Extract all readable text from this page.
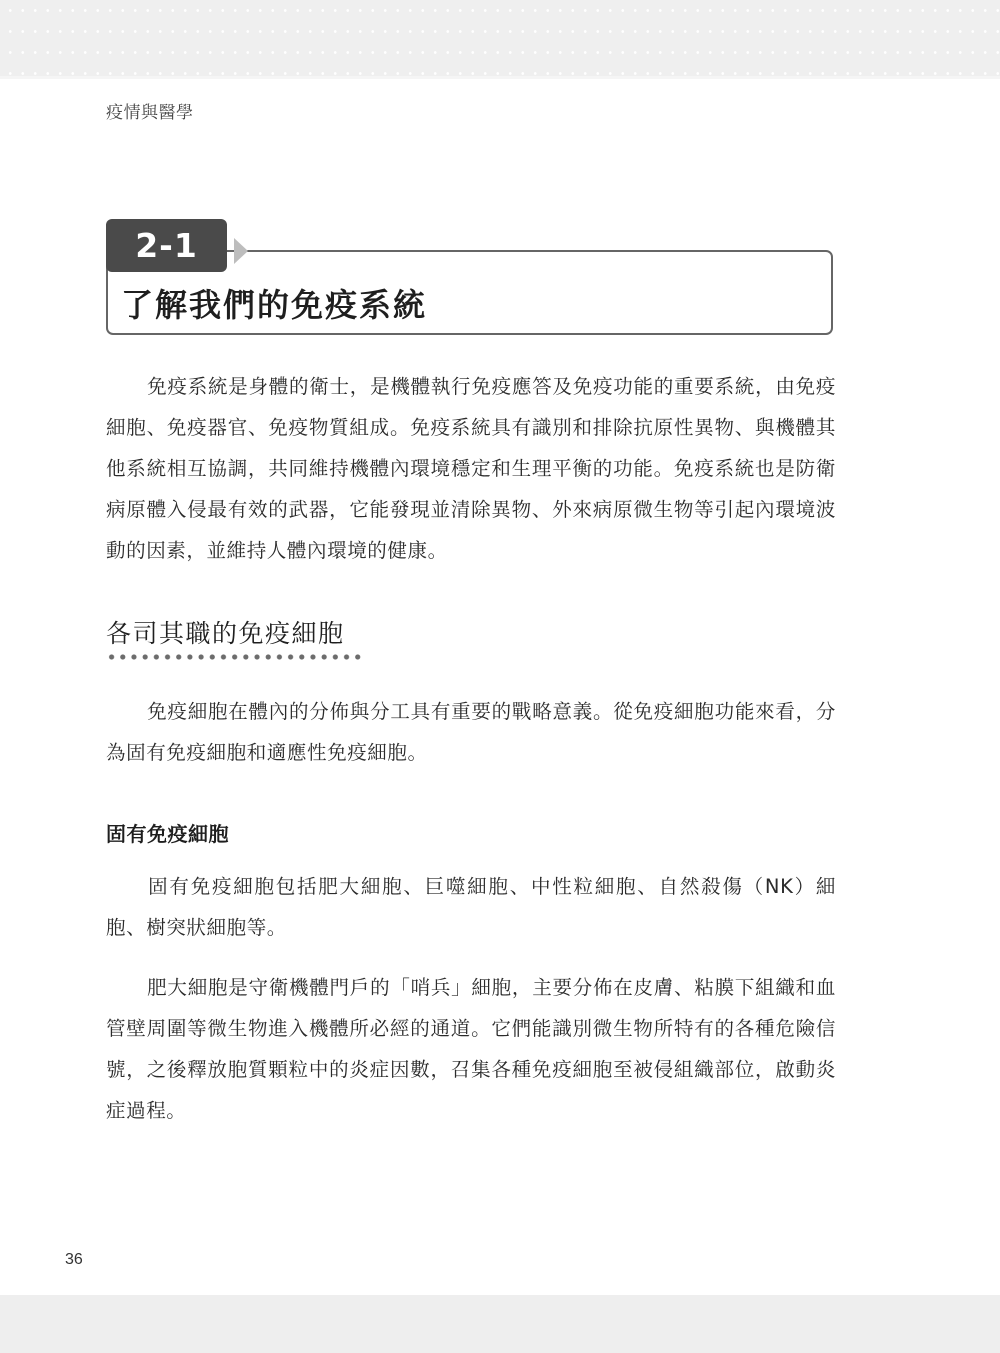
疫情與醫學
2-1
了解我們的免疫系統
免疫系統是身體的衛士，是機體執行免疫應答及免疫功能的重要系統，由免疫細胞、免疫器官、免疫物質組成。免疫系統具有識別和排除抗原性異物、與機體其他系統相互協調，共同維持機體內環境穩定和生理平衡的功能。免疫系統也是防衛病原體入侵最有效的武器，它能發現並清除異物、外來病原微生物等引起內環境波動的因素，並維持人體內環境的健康。
各司其職的免疫細胞
免疫細胞在體內的分佈與分工具有重要的戰略意義。從免疫細胞功能來看，分為固有免疫細胞和適應性免疫細胞。
固有免疫細胞
固有免疫細胞包括肥大細胞、巨噬細胞、中性粒細胞、自然殺傷（NK）細胞、樹突狀細胞等。
肥大細胞是守衛機體門戶的「哨兵」細胞，主要分佈在皮膚、粘膜下組織和血管壁周圍等微生物進入機體所必經的通道。它們能識別微生物所特有的各種危險信號，之後釋放胞質顆粒中的炎症因數，召集各種免疫細胞至被侵組織部位，啟動炎症過程。
36
